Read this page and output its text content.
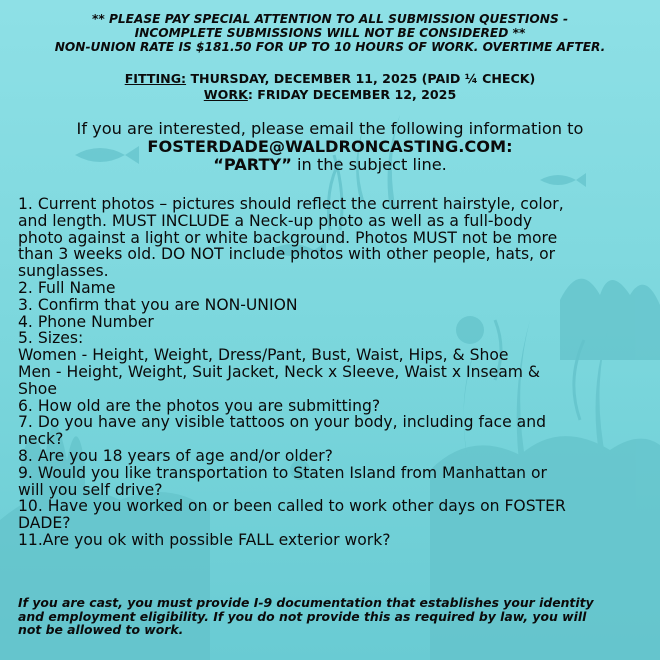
** PLEASE PAY SPECIAL ATTENTION TO ALL SUBMISSION QUESTIONS -
INCOMPLETE SUBMISSIONS WILL NOT BE CONSIDERED **
NON-UNION RATE IS $181.50 FOR UP TO 10 HOURS OF WORK. OVERTIME AFTER.
FITTING: THURSDAY, DECEMBER 11, 2025 (PAID ¼ CHECK)
WORK: FRIDAY DECEMBER 12, 2025
If you are interested, please email the following information to
FOSTERDADE@WALDRONCASTING.COM:
“PARTY” in the subject line.
1. Current photos – pictures should reflect the current hairstyle, color,
and length. MUST INCLUDE a Neck-up photo as well as a full-body
photo against a light or white background. Photos MUST not be more
than 3 weeks old. DO NOT include photos with other people, hats, or
sunglasses.
2. Full Name
3. Confirm that you are NON-UNION
4. Phone Number
5. Sizes:
Women - Height, Weight, Dress/Pant, Bust, Waist, Hips, & Shoe
Men - Height, Weight, Suit Jacket, Neck x Sleeve, Waist x Inseam &
Shoe
6. How old are the photos you are submitting?
7. Do you have any visible tattoos on your body, including face and
neck?
8. Are you 18 years of age and/or older?
9. Would you like transportation to Staten Island from Manhattan or
will you self drive?
10. Have you worked on or been called to work other days on FOSTER
DADE?
11.Are you ok with possible FALL exterior work?
If you are cast, you must provide I-9 documentation that establishes your identity
and employment eligibility. If you do not provide this as required by law, you will
not be allowed to work.
